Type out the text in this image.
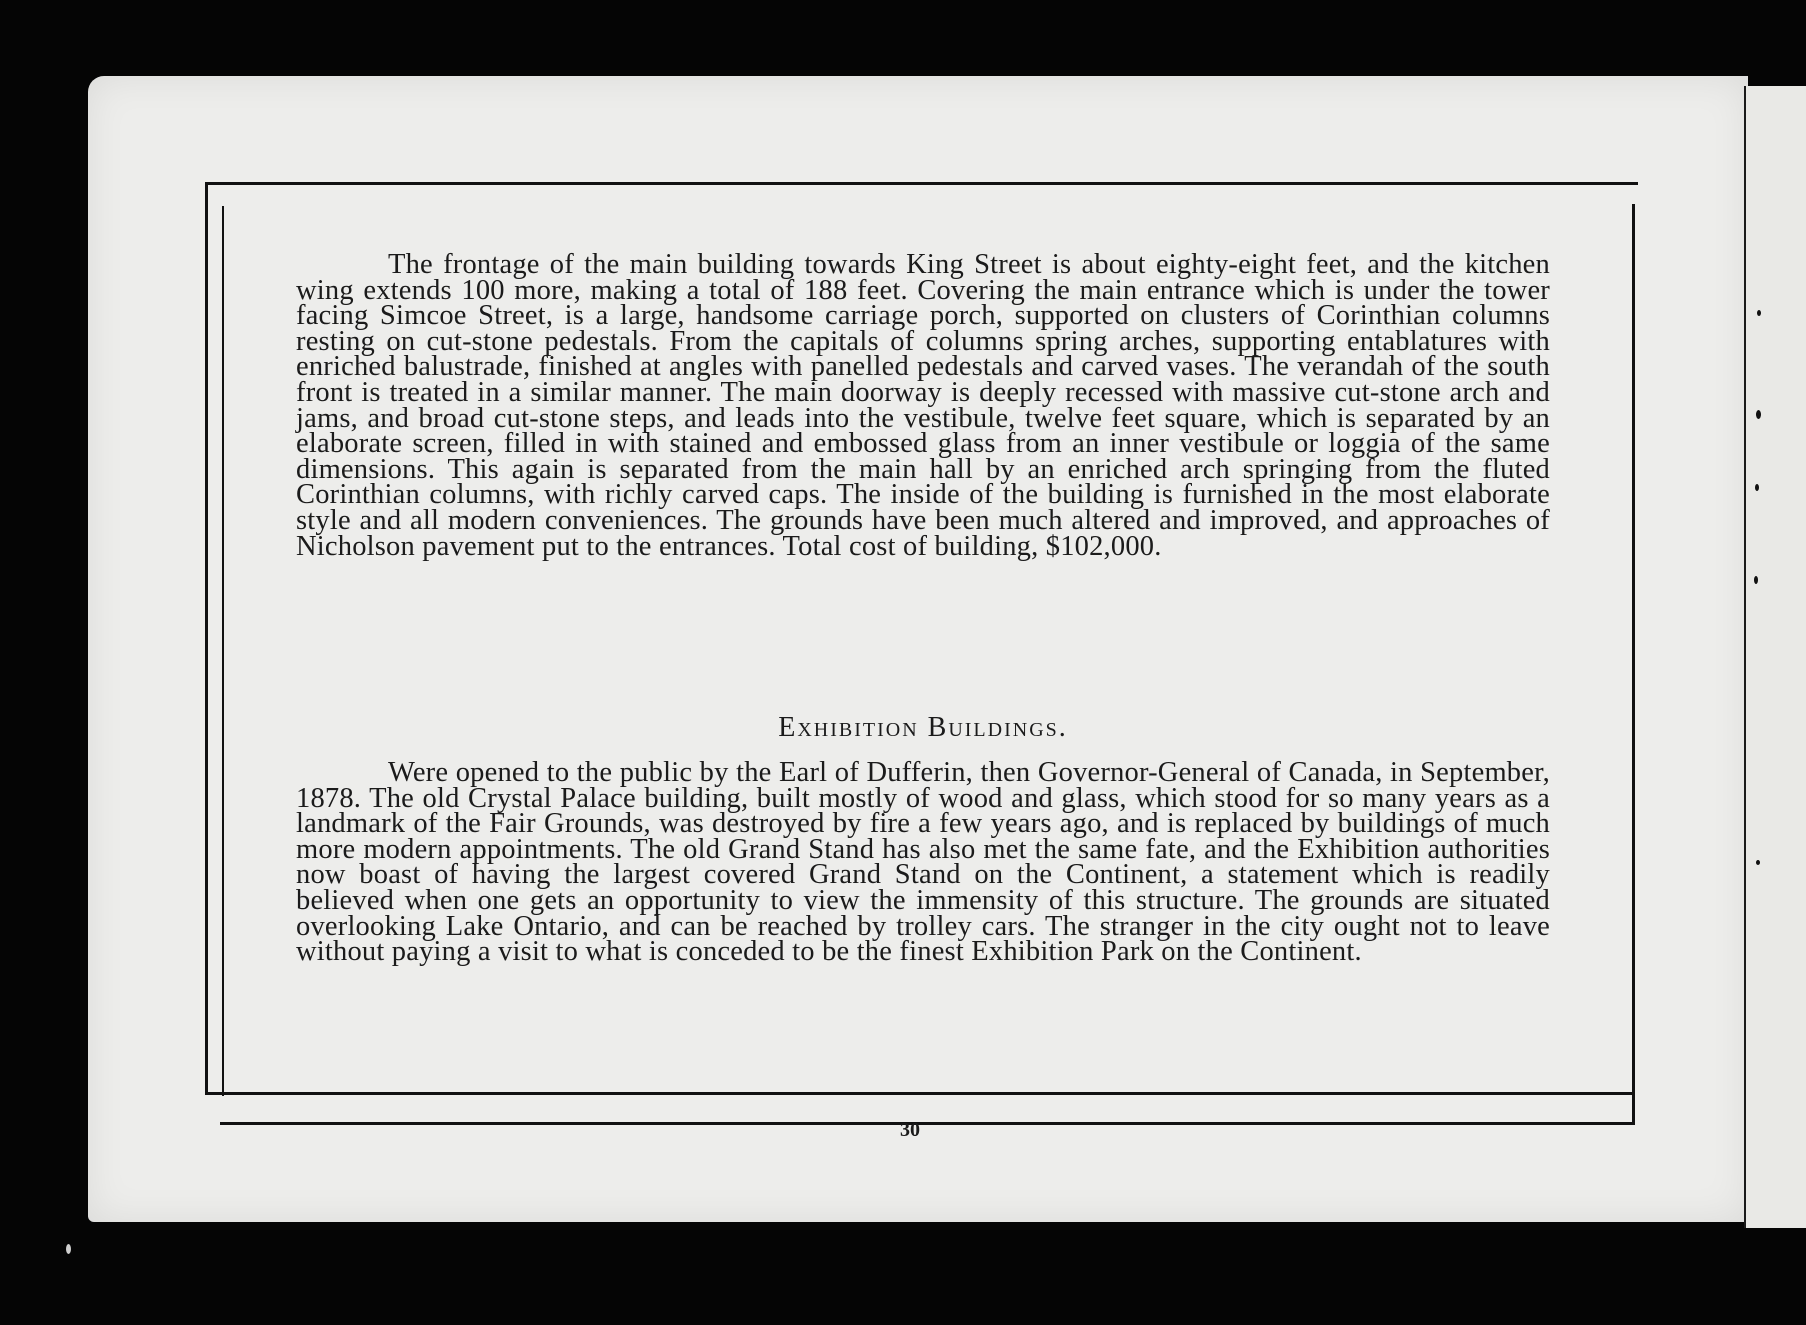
The frontage of the main building towards King Street is about eighty-eight feet, and the kitchen wing extends 100 more, making a total of 188 feet. Covering the main entrance which is under the tower facing Simcoe Street, is a large, handsome carriage porch, supported on clusters of Corinthian columns resting on cut-stone pedestals. From the capitals of columns spring arches, supporting entablatures with enriched balustrade, finished at angles with panelled pedestals and carved vases. The verandah of the south front is treated in a similar manner. The main doorway is deeply recessed with massive cut-stone arch and jams, and broad cut-stone steps, and leads into the vestibule, twelve feet square, which is separated by an elaborate screen, filled in with stained and embossed glass from an inner vestibule or loggia of the same dimensions. This again is separated from the main hall by an enriched arch springing from the fluted Corinthian columns, with richly carved caps. The inside of the building is furnished in the most elaborate style and all modern conveniences. The grounds have been much altered and improved, and approaches of Nicholson pavement put to the entrances. Total cost of building, $102,000.

Exhibition Buildings.

Were opened to the public by the Earl of Dufferin, then Governor-General of Canada, in September, 1878. The old Crystal Palace building, built mostly of wood and glass, which stood for so many years as a landmark of the Fair Grounds, was destroyed by fire a few years ago, and is replaced by buildings of much more modern appointments. The old Grand Stand has also met the same fate, and the Exhibition authorities now boast of having the largest covered Grand Stand on the Continent, a statement which is readily believed when one gets an opportunity to view the immensity of this structure. The grounds are situated overlooking Lake Ontario, and can be reached by trolley cars. The stranger in the city ought not to leave without paying a visit to what is conceded to be the finest Exhibition Park on the Continent.

30
